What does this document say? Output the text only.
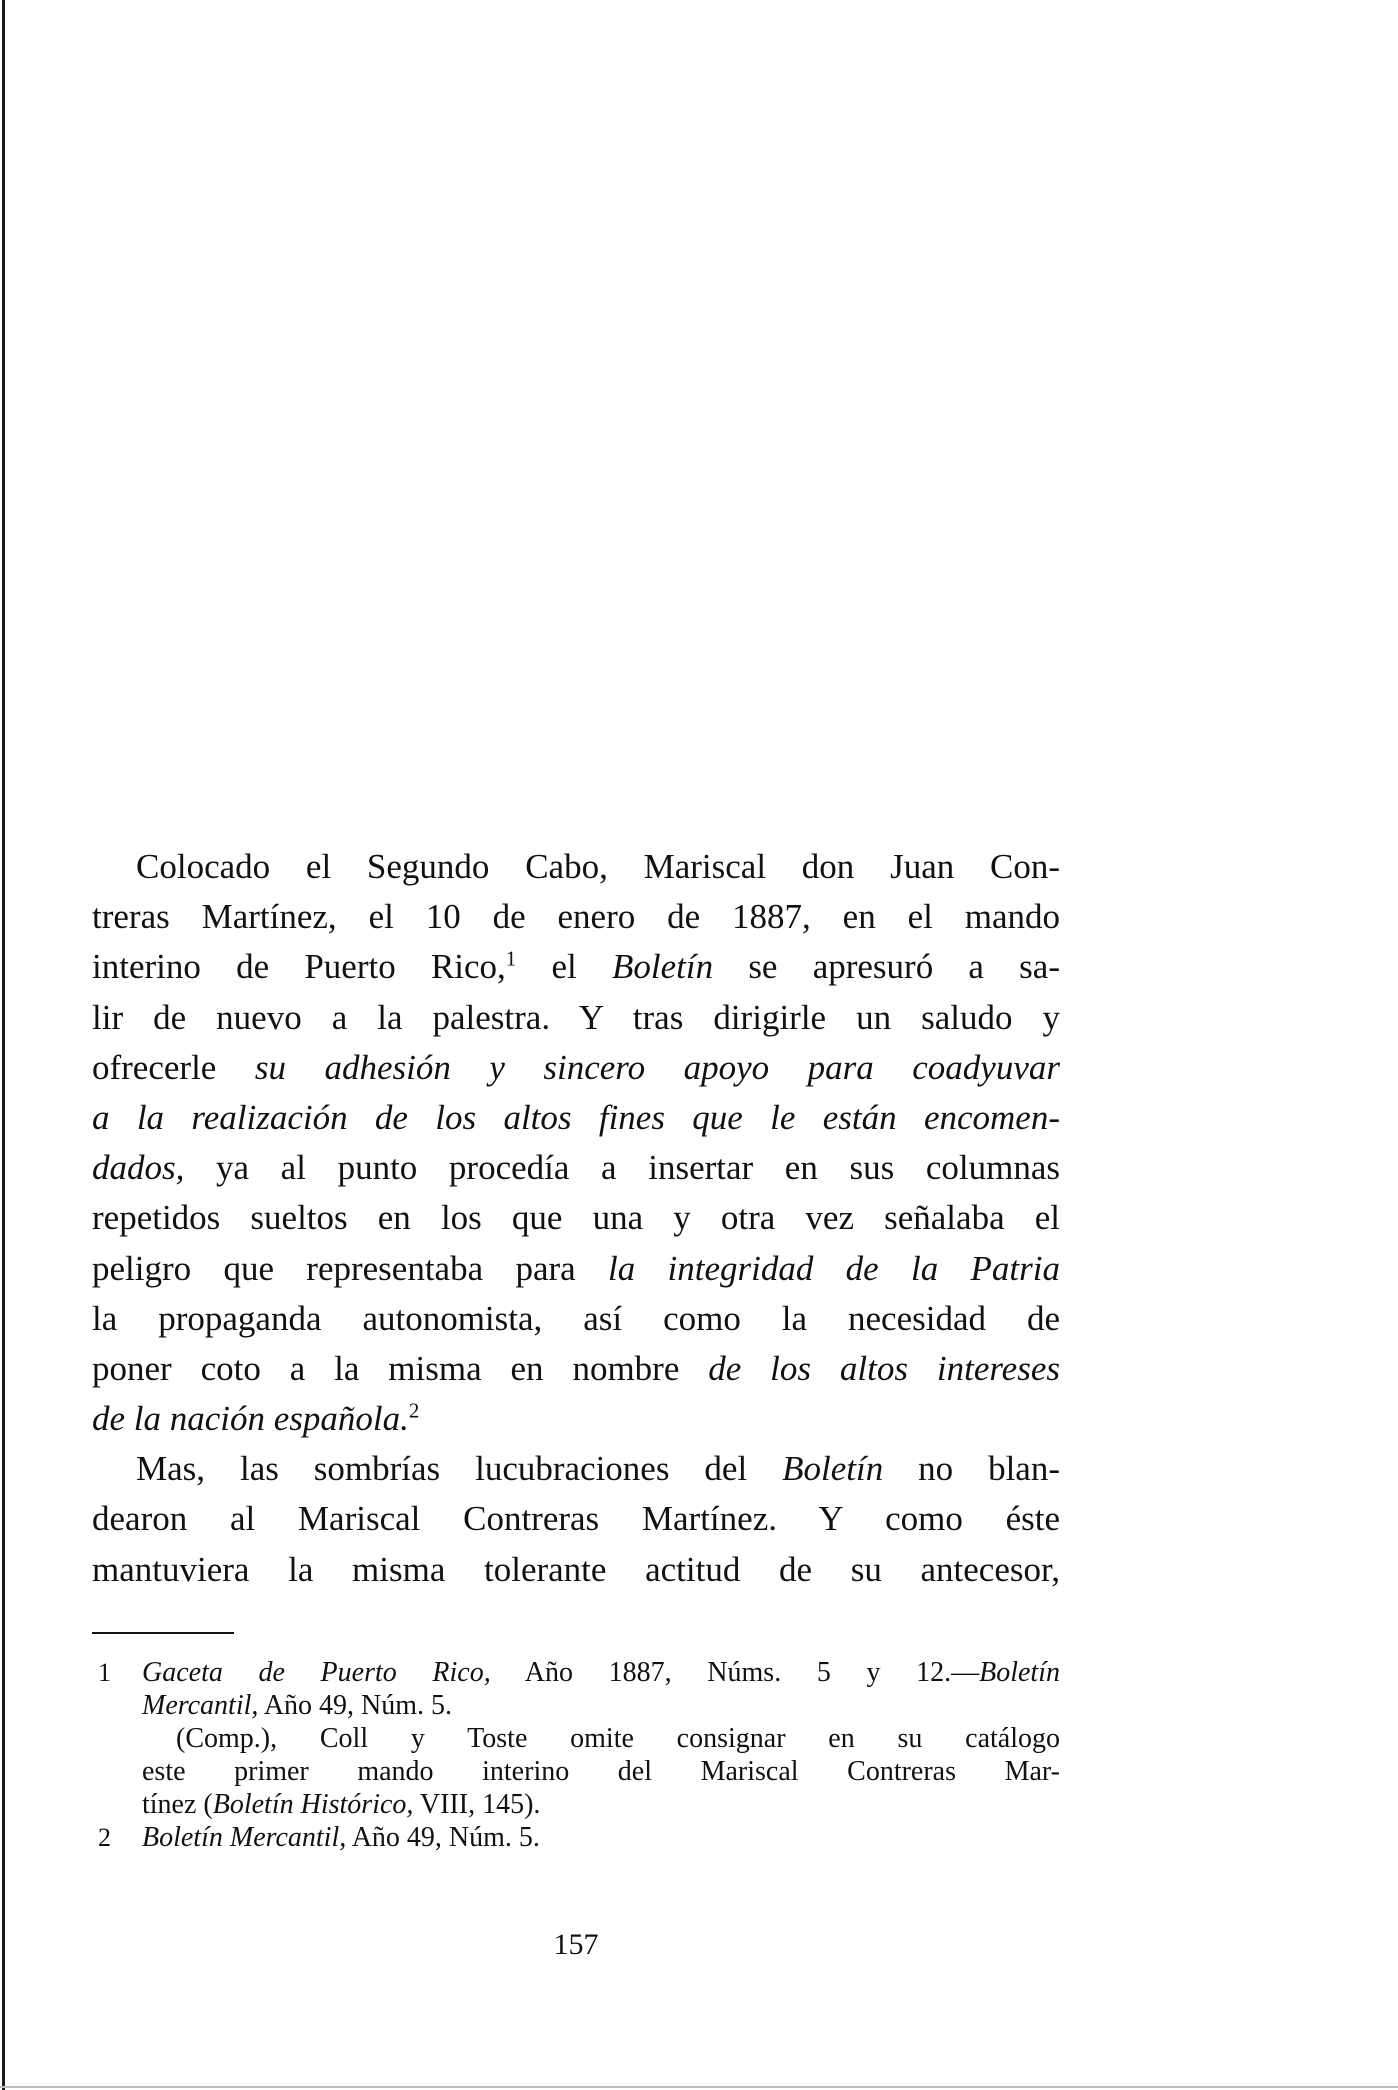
Colocado el Segundo Cabo, Mariscal don Juan Con-
treras Martínez, el 10 de enero de 1887, en el mando
interino de Puerto Rico,$^1$ el Boletín se apresuró a sa-
lir de nuevo a la palestra. Y tras dirigirle un saludo y
ofrecerle su adhesión y sincero apoyo para coadyuvar
a la realización de los altos fines que le están encomen-
dados, ya al punto procedía a insertar en sus columnas
repetidos sueltos en los que una y otra vez señalaba el
peligro que representaba para la integridad de la Patria
la propaganda autonomista, así como la necesidad de
poner coto a la misma en nombre de los altos intereses
de la nación española.$^2$
Mas, las sombrías lucubraciones del Boletín no blan-
dearon al Mariscal Contreras Martínez. Y como éste
mantuviera la misma tolerante actitud de su antecesor,
1 Gaceta de Puerto Rico, Año 1887, Núms. 5 y 12.—Boletín
Mercantil, Año 49, Núm. 5.
(Comp.), Coll y Toste omite consignar en su catálogo
este primer mando interino del Mariscal Contreras Mar-
tínez (Boletín Histórico, VIII, 145).
2 Boletín Mercantil, Año 49, Núm. 5.
157
